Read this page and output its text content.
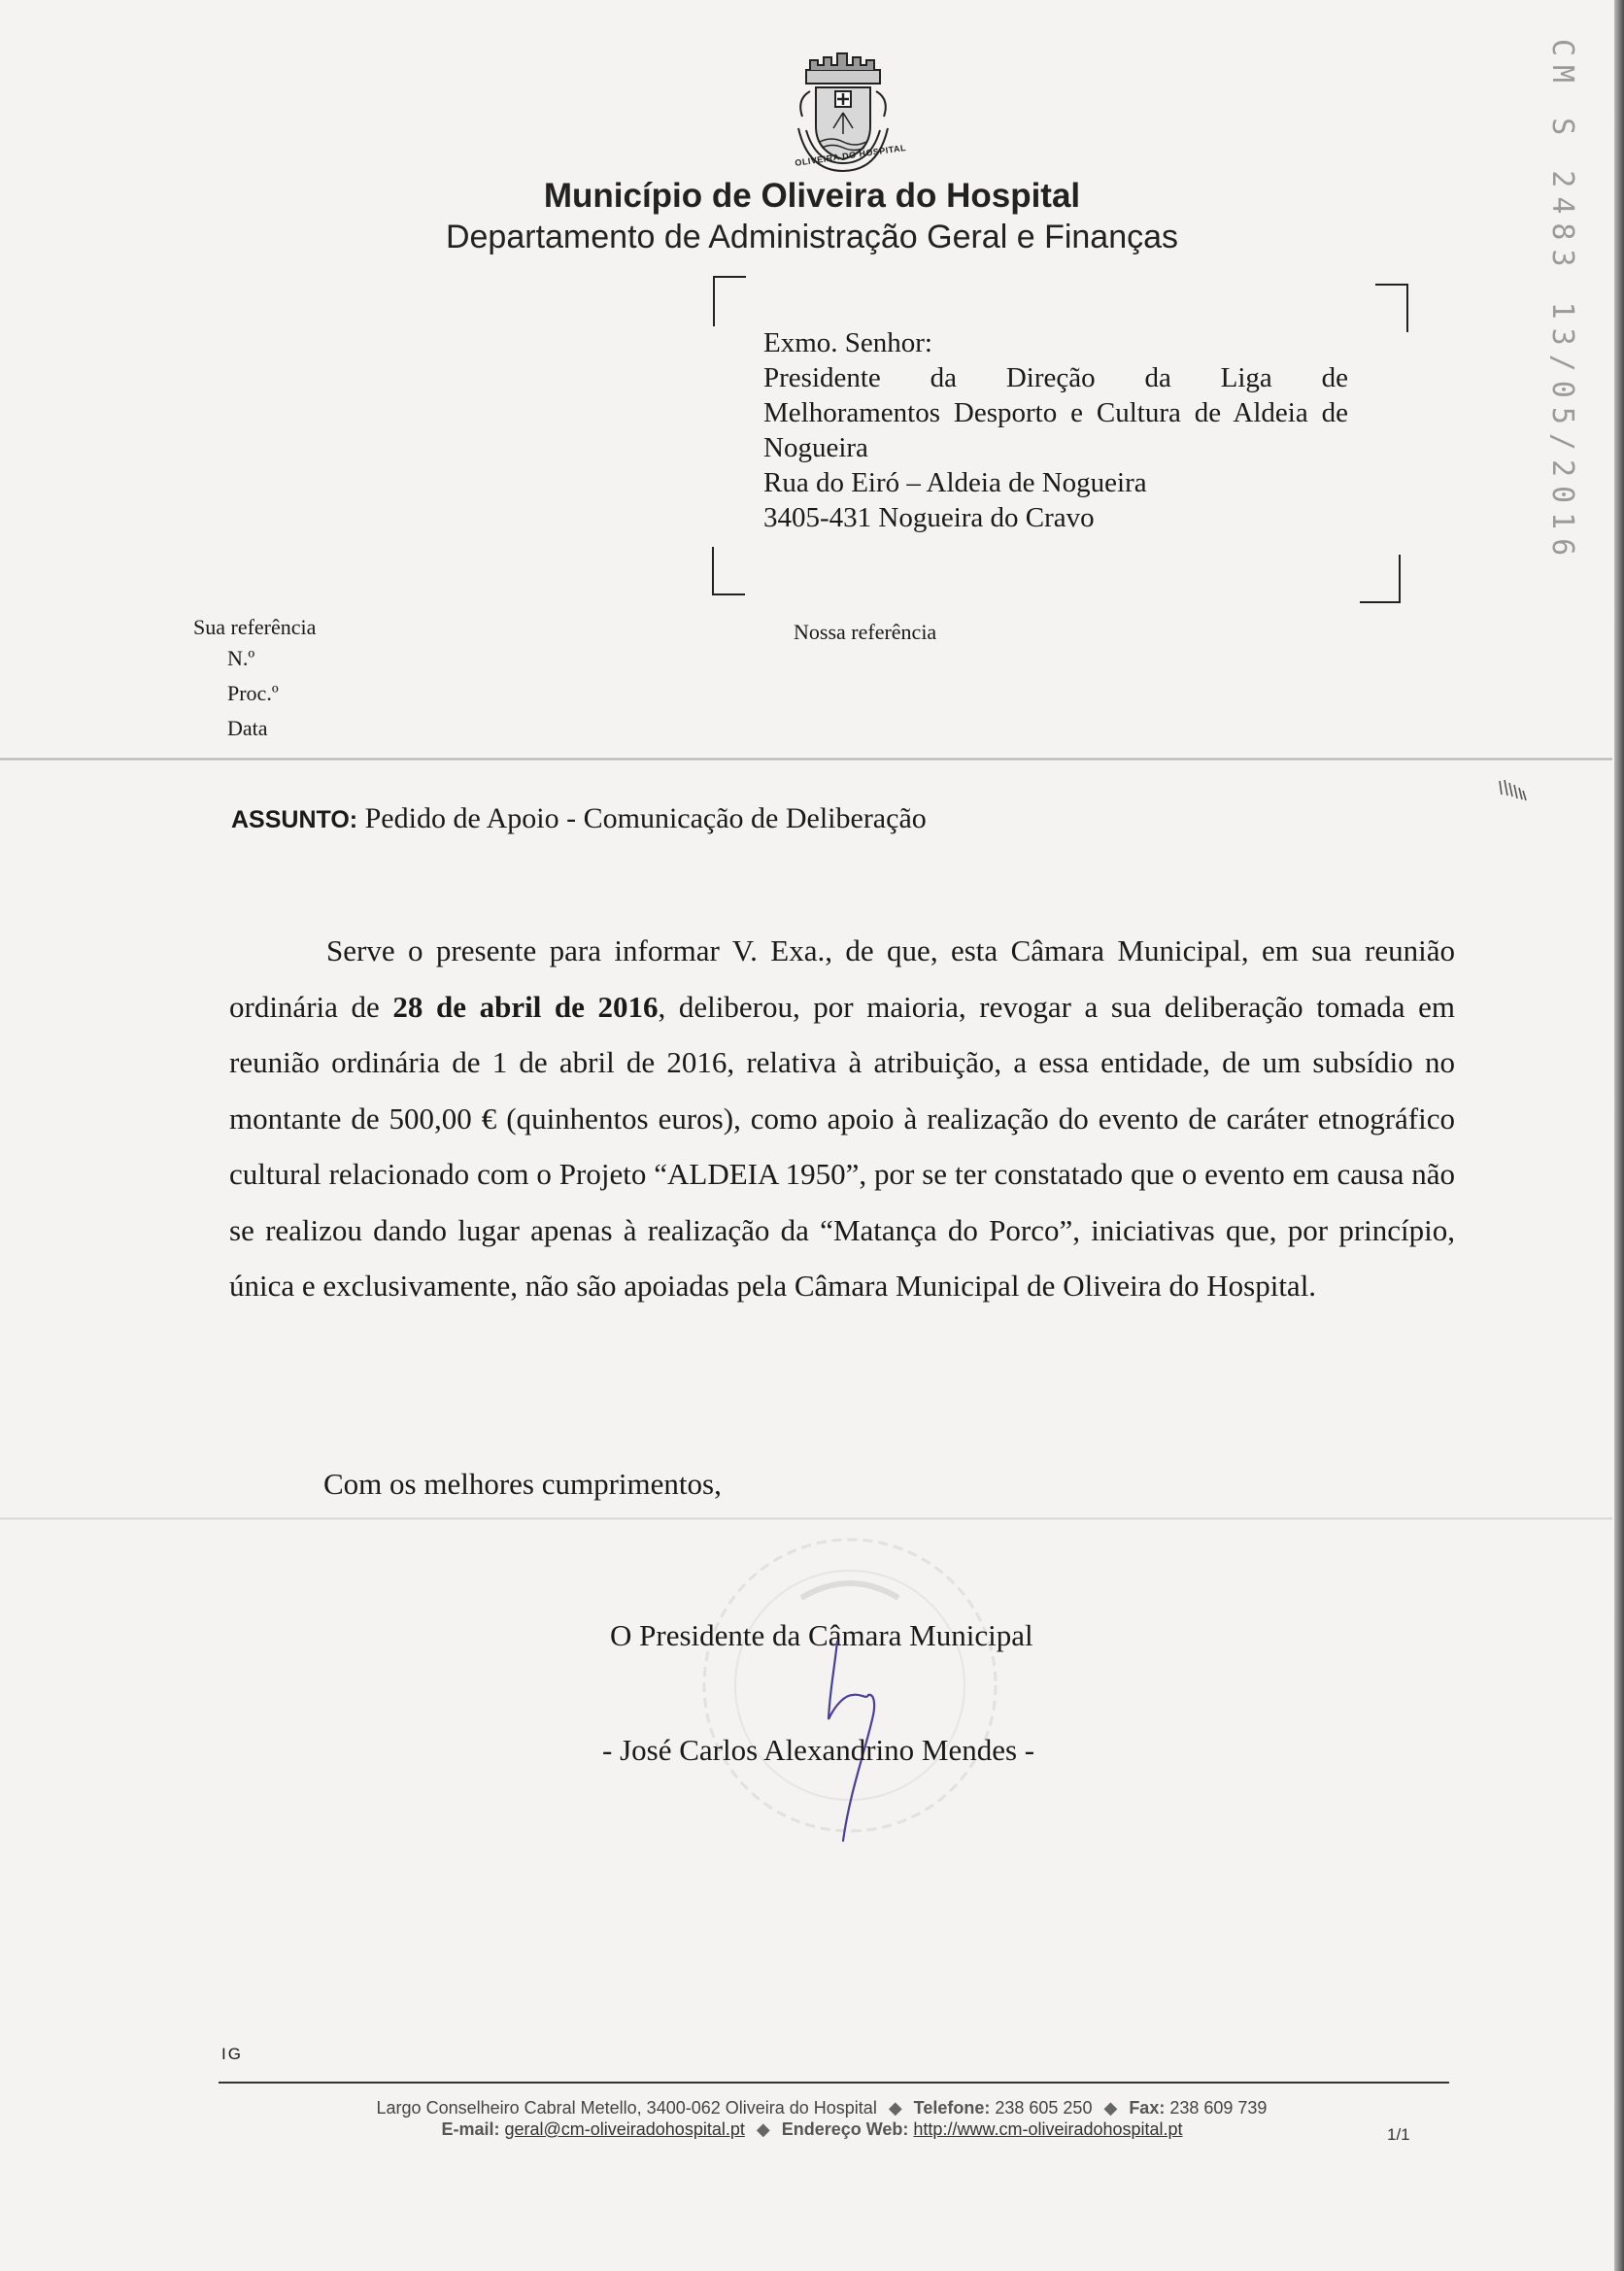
OLIVEIRA DO HOSPITAL
Município de Oliveira do Hospital
Departamento de Administração Geral e Finanças	CM S 2483 13/05/2016
Exmo. Senhor:
Presidente da Direção da Liga de
Melhoramentos Desporto e Cultura de Aldeia de
Nogueira
Rua do Eiró – Aldeia de Nogueira
3405-431 Nogueira do Cravo
Sua referência
N.º
Proc.º
Data
Nossa referência
ASSUNTO: Pedido de Apoio - Comunicação de Deliberação
Serve o presente para informar V. Exa., de que, esta Câmara Municipal, em sua reunião ordinária de 28 de abril de 2016, deliberou, por maioria, revogar a sua deliberação tomada em reunião ordinária de 1 de abril de 2016, relativa à atribuição, a essa entidade, de um subsídio no montante de 500,00 € (quinhentos euros), como apoio à realização do evento de caráter etnográfico cultural relacionado com o Projeto “ALDEIA 1950”, por se ter constatado que o evento em causa não se realizou dando lugar apenas à realização da “Matança do Porco”, iniciativas que, por princípio, única e exclusivamente, não são apoiadas pela Câmara Municipal de Oliveira do Hospital.
Com os melhores cumprimentos,
O Presidente da Câmara Municipal
- José Carlos Alexandrino Mendes -
IG
Largo Conselheiro Cabral Metello, 3400-062 Oliveira do Hospital ◆ Telefone: 238 605 250 ◆ Fax: 238 609 739
E-mail: geral@cm-oliveiradohospital.pt ◆ Endereço Web: http://www.cm-oliveiradohospital.pt	1/1
